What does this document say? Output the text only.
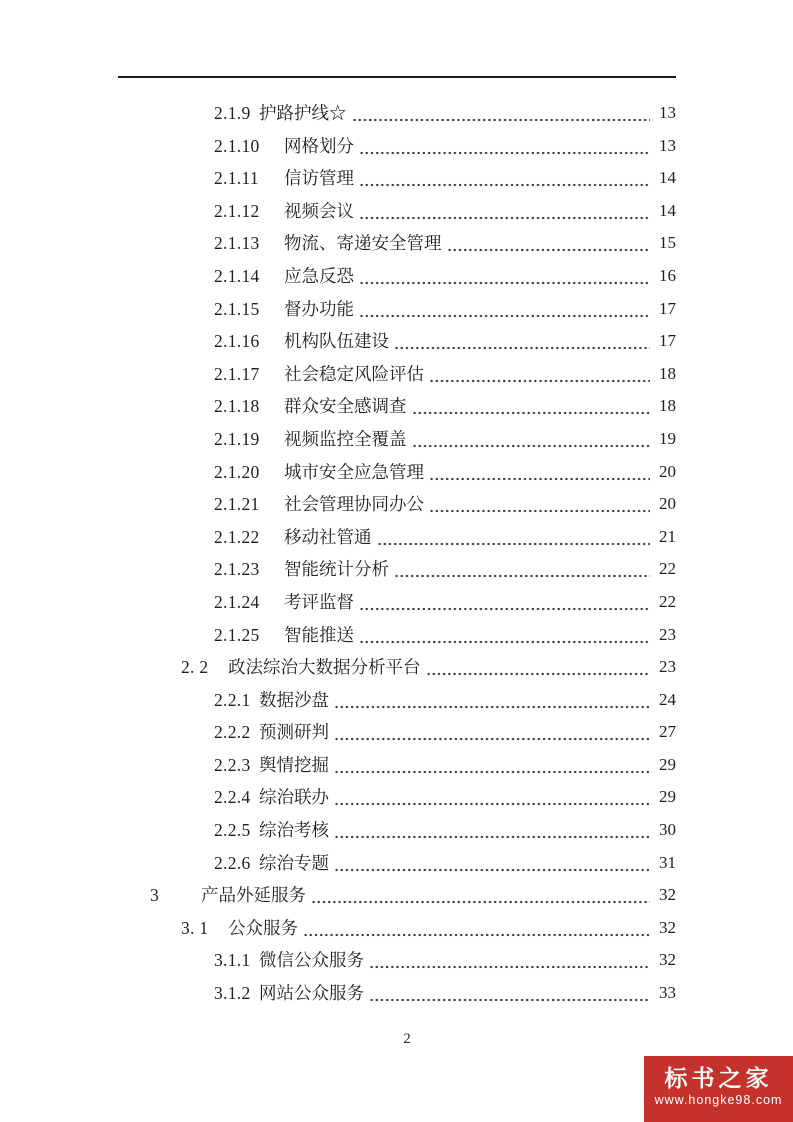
2.1.9 护路护线☆	13
2.1.10	网格划分	13
2.1.11	信访管理	14
2.1.12	视频会议	14
2.1.13	物流、寄递安全管理	15
2.1.14	应急反恐	16
2.1.15	督办功能	17
2.1.16	机构队伍建设	17
2.1.17	社会稳定风险评估	18
2.1.18	群众安全感调查	18
2.1.19	视频监控全覆盖	19
2.1.20	城市安全应急管理	20
2.1.21	社会管理协同办公	20
2.1.22	移动社管通	21
2.1.23	智能统计分析	22
2.1.24	考评监督	22
2.1.25	智能推送	23
2. 2	政法综治大数据分析平台	23
2.2.1 数据沙盘	24
2.2.2 预测研判	27
2.2.3 舆情挖掘	29
2.2.4 综治联办	29
2.2.5 综治考核	30
2.2.6 综治专题	31
3	产品外延服务	32
3. 1	公众服务	32
3.1.1 微信公众服务	32
3.1.2 网站公众服务	33
2
标书之家
www.hongke98.com
